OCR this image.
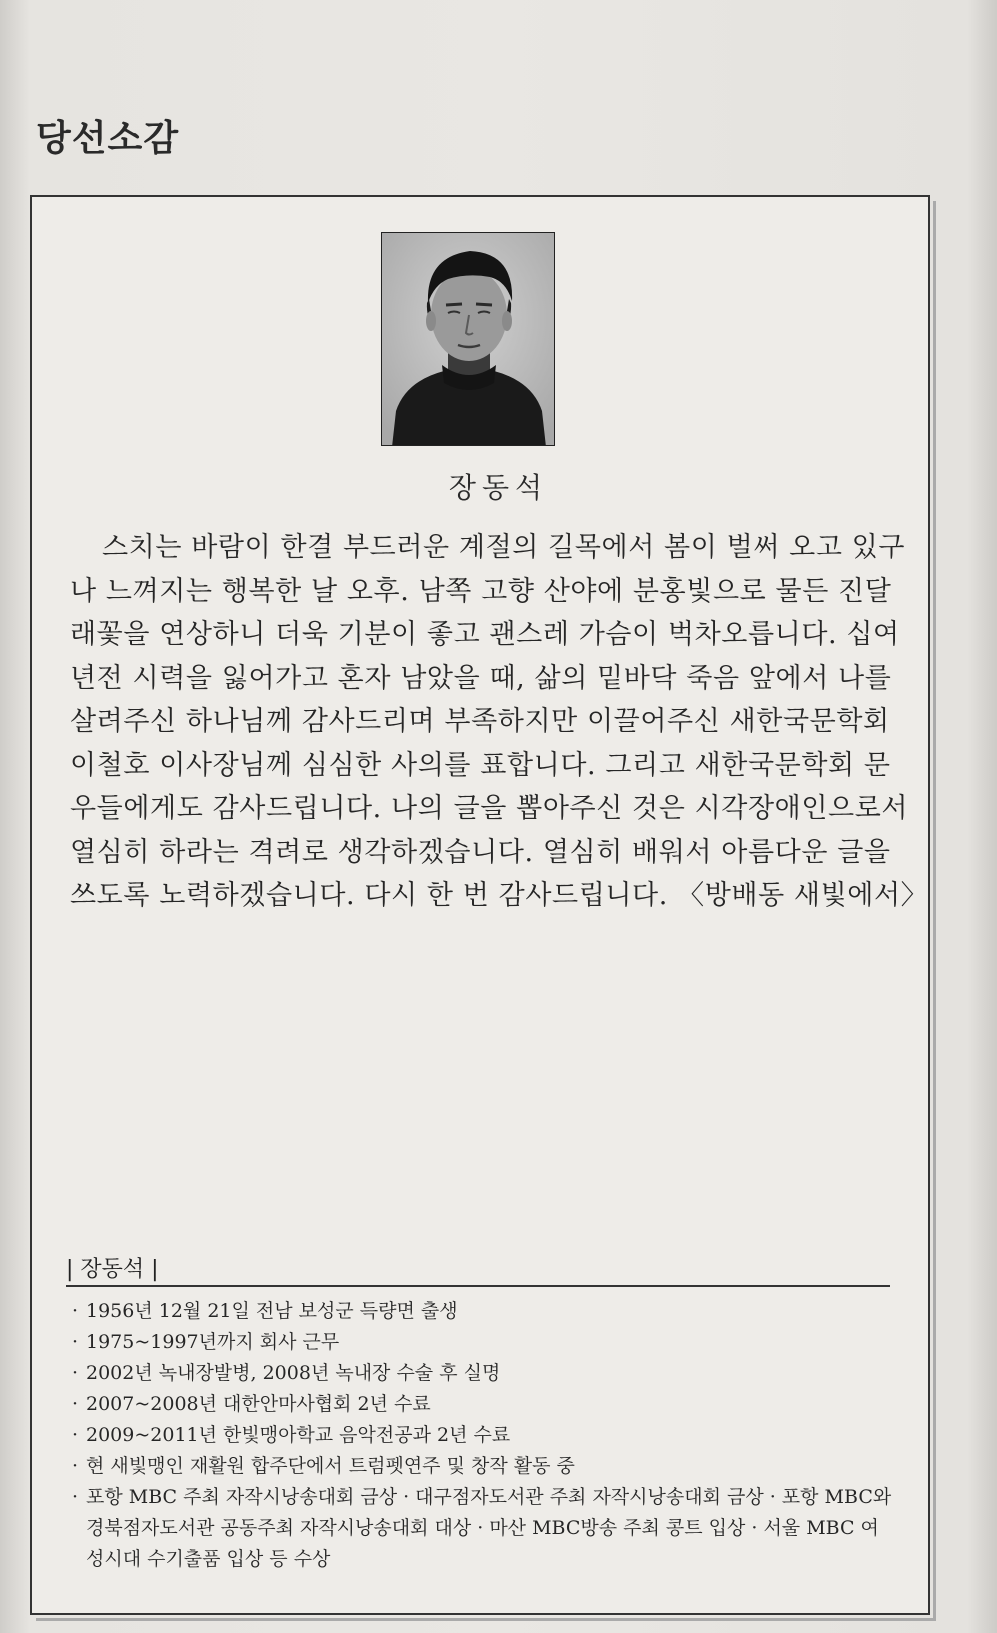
당선소감
장동석
스치는 바람이 한결 부드러운 계절의 길목에서 봄이 벌써 오고 있구
나 느껴지는 행복한 날 오후. 남쪽 고향 산야에 분홍빛으로 물든 진달
래꽃을 연상하니 더욱 기분이 좋고 괜스레 가슴이 벅차오릅니다. 십여
년전 시력을 잃어가고 혼자 남았을 때, 삶의 밑바닥 죽음 앞에서 나를
살려주신 하나님께 감사드리며 부족하지만 이끌어주신 새한국문학회
이철호 이사장님께 심심한 사의를 표합니다. 그리고 새한국문학회 문
우들에게도 감사드립니다. 나의 글을 뽑아주신 것은 시각장애인으로서
열심히 하라는 격려로 생각하겠습니다. 열심히 배워서 아름다운 글을
쓰도록 노력하겠습니다. 다시 한 번 감사드립니다. 〈방배동 새빛에서〉
| 장동석 |
· 1956년 12월 21일 전남 보성군 득량면 출생
· 1975~1997년까지 회사 근무
· 2002년 녹내장발병, 2008년 녹내장 수술 후 실명
· 2007~2008년 대한안마사협회 2년 수료
· 2009~2011년 한빛맹아학교 음악전공과 2년 수료
· 현 새빛맹인 재활원 합주단에서 트럼펫연주 및 창작 활동 중
· 포항 MBC 주최 자작시낭송대회 금상 · 대구점자도서관 주최 자작시낭송대회 금상 · 포항 MBC와 경북점자도서관 공동주최 자작시낭송대회 대상 · 마산 MBC방송 주최 콩트 입상 · 서울 MBC 여성시대 수기출품 입상 등 수상
